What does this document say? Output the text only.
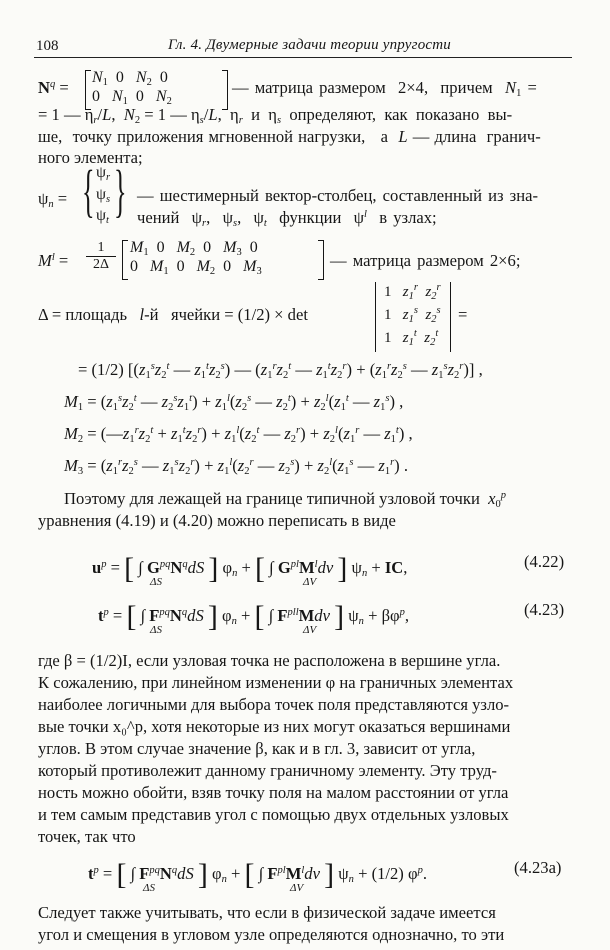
108	Гл. 4. Двумерные задачи теории упругости
$N^q$ =
$N_1$  0   $N_2$  0
0   $N_1$  0   $N_2$
— матрица размером  2×4,  причем  $N_1$ =
= 1 — $\eta_r/L$,  $N_2 = 1$ — $\eta_s/L$,  $\eta_r$  и  $\eta_s$  определяют,  как  показано  вы-
ше,  точку приложения мгновенной нагрузки,   а  L — длина  гранич-
ного элемента;
$\psi_n$ = { $\psi_r$
$\psi_s$
$\psi_t$ } — шестимерный вектор-столбец, составленный из зна-
чений  $\psi_r$,  $\psi_s$,  $\psi_t$  функции  $\psi^l$  в узлах;
$M^l = \frac{1}{2\Delta} M_1$  0   $M_2$  0   $M_3$  0
0   $M_1$  0   $M_2$  0   $M_3$
— матрица размером 2×6;
Δ = площадь   l-й   ячейки = (1/2) × det
1   $z_1^r$  $z_2^r$
1   $z_1^s$  $z_2^s$
1   $z_1^t$  $z_2^t$
=
= (1/2) [($z_1^sz_2^t$ — $z_1^tz_2^s$) — ($z_1^rz_2^t$ — $z_1^tz_2^r) + (z_1^rz_2^s$ — $z_1^sz_2^r$)] ,
$M_1 = (z_1^sz_2^t$ — $z_2^sz_1^t) + z_1^l(z_2^s$ — $z_2^t) + z_2^l(z_1^t$ — $z_1^s$) ,
$M_2$ = $(—z_1^rz_2^t + z_1^tz_2^r) + z_1^l(z_2^t$ — $z_2^r) + z_2^l(z_1^r$ — $z_1^t$) ,
$M_3 = (z_1^rz_2^s$ — $z_1^sz_2^r) + z_1^l(z_2^r$ — $z_2^s) + z_2^l(z_1^s$ — $z_1^r$) .
Поэтому для лежащей на границе типичной узловой точки $x_0^p$
уравнения (4.19) и (4.20) можно переписать в виде
$u^p$ = [ ∫ $G^{pq}N^qdS$ ] $\varphi_n$ + [ ∫ $G^{pl}M^ldv$ ] $\psi_n$ + IC,
ΔS	ΔV
(4.22)
$t^p$ = [ ∫ $F^{pq}N^qdS$ ] $\varphi_n$ + [ ∫ $F^{pll}Mdv$ ] $\psi_n + \beta\varphi^p$,
ΔS	ΔV
(4.23)
где β = (1/2)I, если узловая точка не расположена в вершине угла.
К сожалению, при линейном изменении φ на граничных элементах
наиболее логичными для выбора точек поля представляются узло-
вые точки x₀^p, хотя некоторые из них могут оказаться вершинами
углов. В этом случае значение β, как и в гл. 3, зависит от угла,
который противолежит данному граничному элементу. Эту труд-
ность можно обойти, взяв точку поля на малом расстоянии от угла
и тем самым представив угол с помощью двух отдельных узловых
точек, так что
$t^p$ = [ ∫ $F^{pq}N^qdS$ ] $\varphi_n$ + [ ∫ $F^{pl}M^ldv$ ] $\psi_n + (1/2)$ $\varphi^p$.
ΔS	ΔV
(4.23a)
Следует также учитывать, что если в физической задаче имеется
угол и смещения в угловом узле определяются однозначно, то эти
